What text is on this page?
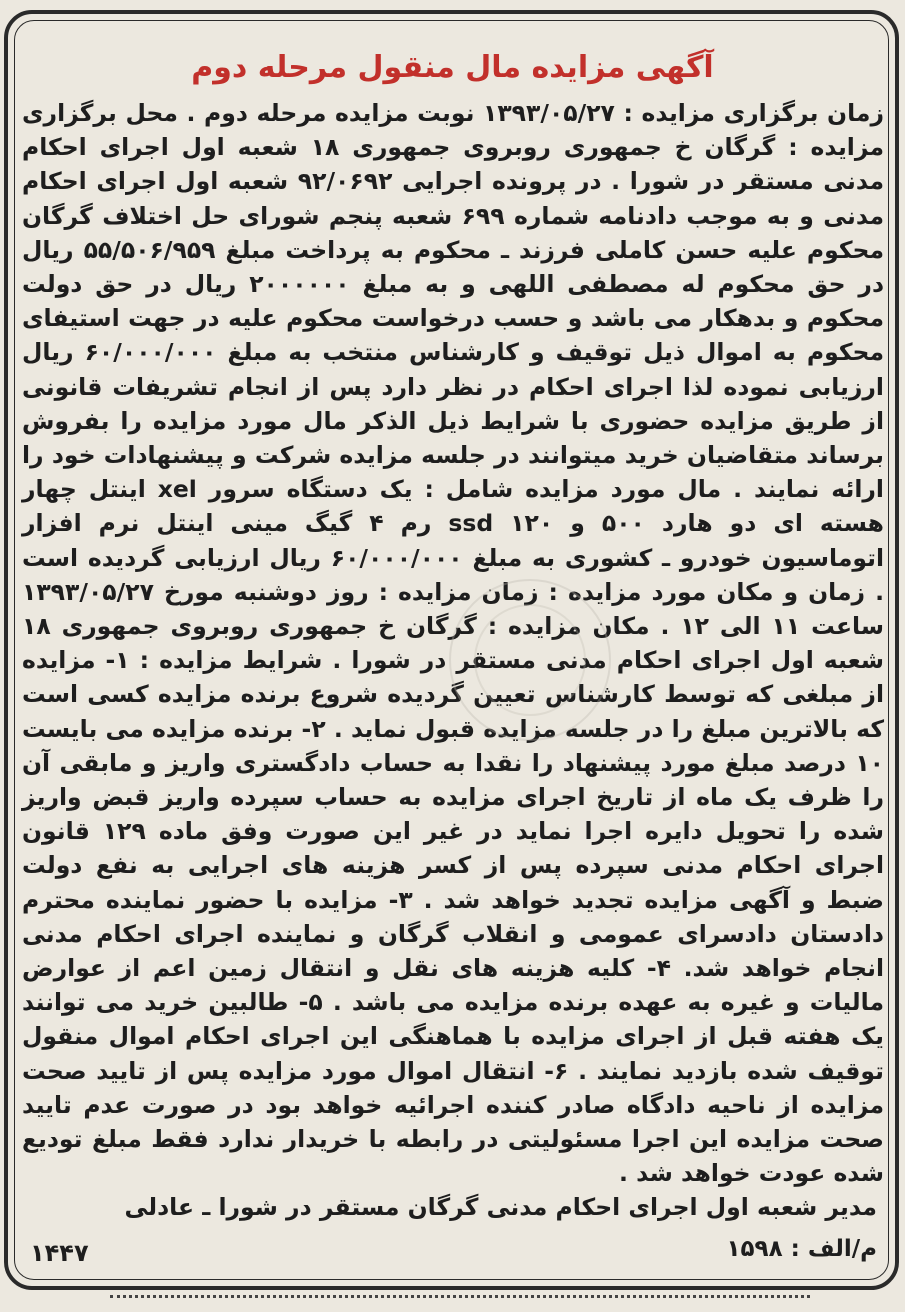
آگهی مزایده مال منقول مرحله دوم
زمان برگزاری مزایده : ۱۳۹۳/۰۵/۲۷ نوبت مزایده مرحله دوم . محل برگزاری مزایده : گرگان خ جمهوری روبروی جمهوری ۱۸ شعبه اول اجرای احکام مدنی مستقر در شورا . در پرونده اجرایی ۹۲/۰۶۹۲ شعبه اول اجرای احکام مدنی و به موجب دادنامه شماره ۶۹۹ شعبه پنجم شورای حل اختلاف گرگان محکوم علیه حسن کاملی فرزند ـ محکوم به پرداخت مبلغ ۵۵/۵۰۶/۹۵۹ ریال در حق محکوم له مصطفی اللهی و به مبلغ ۲۰۰۰۰۰۰ ریال در حق دولت محکوم و بدهکار می باشد و حسب درخواست محکوم علیه در جهت استیفای محکوم به اموال ذیل توقیف و کارشناس منتخب به مبلغ ۶۰/۰۰۰/۰۰۰ ریال ارزیابی نموده لذا اجرای احکام در نظر دارد پس از انجام تشریفات قانونی از طریق مزایده حضوری با شرایط ذیل الذکر مال مورد مزایده را بفروش برساند متقاضیان خرید میتوانند در جلسه مزایده شرکت و پیشنهادات خود را ارائه نمایند . مال مورد مزایده شامل : یک دستگاه سرور xel اینتل چهار هسته ای دو هارد ۵۰۰ و ۱۲۰ ssd رم ۴ گیگ مینی اینتل نرم افزار اتوماسیون خودرو ـ کشوری به مبلغ ۶۰/۰۰۰/۰۰۰ ریال ارزیابی گردیده است . زمان و مکان مورد مزایده : زمان مزایده : روز دوشنبه مورخ ۱۳۹۳/۰۵/۲۷ ساعت ۱۱ الی ۱۲ . مکان مزایده : گرگان خ جمهوری روبروی جمهوری ۱۸ شعبه اول اجرای احکام مدنی مستقر در شورا . شرایط مزایده : ۱- مزایده از مبلغی که توسط کارشناس تعیین گردیده شروع برنده مزایده کسی است که بالاترین مبلغ را در جلسه مزایده قبول نماید . ۲- برنده مزایده می بایست ۱۰ درصد مبلغ مورد پیشنهاد را نقدا به حساب دادگستری واریز و مابقی آن را ظرف یک ماه از تاریخ اجرای مزایده به حساب سپرده واریز قبض واریز شده را تحویل دایره اجرا نماید در غیر این صورت وفق ماده ۱۲۹ قانون اجرای احکام مدنی سپرده پس از کسر هزینه های اجرایی به نفع دولت ضبط و آگهی مزایده تجدید خواهد شد . ۳- مزایده با حضور نماینده محترم دادستان دادسرای عمومی و انقلاب گرگان و نماینده اجرای احکام مدنی انجام خواهد شد. ۴- کلیه هزینه های نقل و انتقال زمین اعم از عوارض مالیات و غیره به عهده برنده مزایده می باشد . ۵- طالبین خرید می توانند یک هفته قبل از اجرای مزایده با هماهنگی این اجرای احکام اموال منقول توقیف شده بازدید نمایند . ۶- انتقال اموال مورد مزایده پس از تایید صحت مزایده از ناحیه دادگاه صادر کننده اجرائیه خواهد بود در صورت عدم تایید صحت مزایده این اجرا مسئولیتی در رابطه با خریدار ندارد فقط مبلغ تودیع شده عودت خواهد شد .
مدیر شعبه اول اجرای احکام مدنی گرگان مستقر در شورا ـ عادلی
م/الف : ۱۵۹۸
۱۴۴۷
